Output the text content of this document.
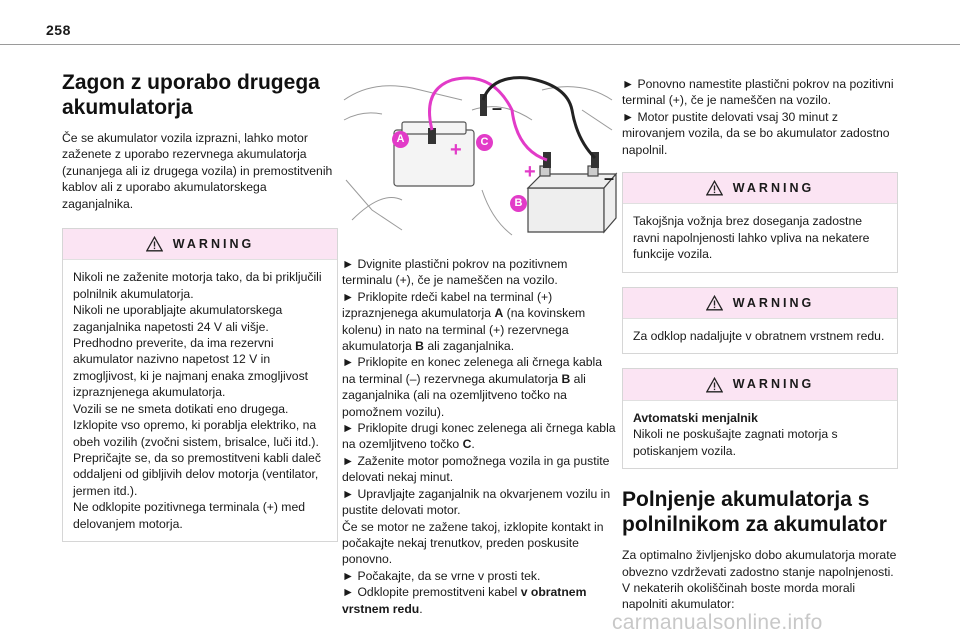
258
Zagon z uporabo drugega akumulatorja

Če se akumulator vozila izprazni, lahko motor zaženete z uporabo rezervnega akumulatorja (zunanjega ali iz drugega vozila) in premostitvenih kablov ali z uporabo akumulatorskega zaganjalnika.

WARNING

Nikoli ne zaženite motorja tako, da bi priključili polnilnik akumulatorja.

Nikoli ne uporabljajte akumulatorskega zaganjalnika napetosti 24 V ali višje.

Predhodno preverite, da ima rezervni akumulator nazivno napetost 12 V in zmogljivost, ki je najmanj enaka zmogljivost izpraznjenega akumulatorja.

Vozili se ne smeta dotikati eno drugega.

Izklopite vso opremo, ki porablja elektriko, na obeh vozilih (zvočni sistem, brisalce, luči itd.).

Prepričajte se, da so premostitveni kabli daleč oddaljeni od gibljivih delov motorja (ventilator, jermen itd.).

Ne odklopite pozitivnega terminala (+) med delovanjem motorja.

+
+
–
–
A	C
B

► Dvignite plastični pokrov na pozitivnem terminalu (+), če je nameščen na vozilo.

► Priklopite rdeči kabel na terminal (+) izpraznjenega akumulatorja A (na kovinskem kolenu) in nato na terminal (+) rezervnega akumulatorja B ali zaganjalnika.

► Priklopite en konec zelenega ali črnega kabla na terminal (–) rezervnega akumulatorja B ali zaganjalnika (ali na ozemljitveno točko na pomožnem vozilu).

► Priklopite drugi konec zelenega ali črnega kabla na ozemljitveno točko C.

► Zaženite motor pomožnega vozila in ga pustite delovati nekaj minut.

► Upravljajte zaganjalnik na okvarjenem vozilu in pustite delovati motor.

Če se motor ne zažene takoj, izklopite kontakt in počakajte nekaj trenutkov, preden poskusite ponovno.

► Počakajte, da se vrne v prosti tek.

► Odklopite premostitveni kabel v obratnem vrstnem redu.

► Ponovno namestite plastični pokrov na pozitivni terminal (+), če je nameščen na vozilo.

► Motor pustite delovati vsaj 30 minut z mirovanjem vozila, da se bo akumulator zadostno napolnil.

WARNING

Takojšnja vožnja brez doseganja zadostne ravni napolnjenosti lahko vpliva na nekatere funkcije vozila.

WARNING

Za odklop nadaljujte v obratnem vrstnem redu.

WARNING

Avtomatski menjalnik

Nikoli ne poskušajte zagnati motorja s potiskanjem vozila.

Polnjenje akumulatorja s polnilnikom za akumulator

Za optimalno življenjsko dobo akumulatorja morate obvezno vzdrževati zadostno stanje napolnjenosti.

V nekaterih okoliščinah boste morda morali napolniti akumulator:

carmanualsonline.info
